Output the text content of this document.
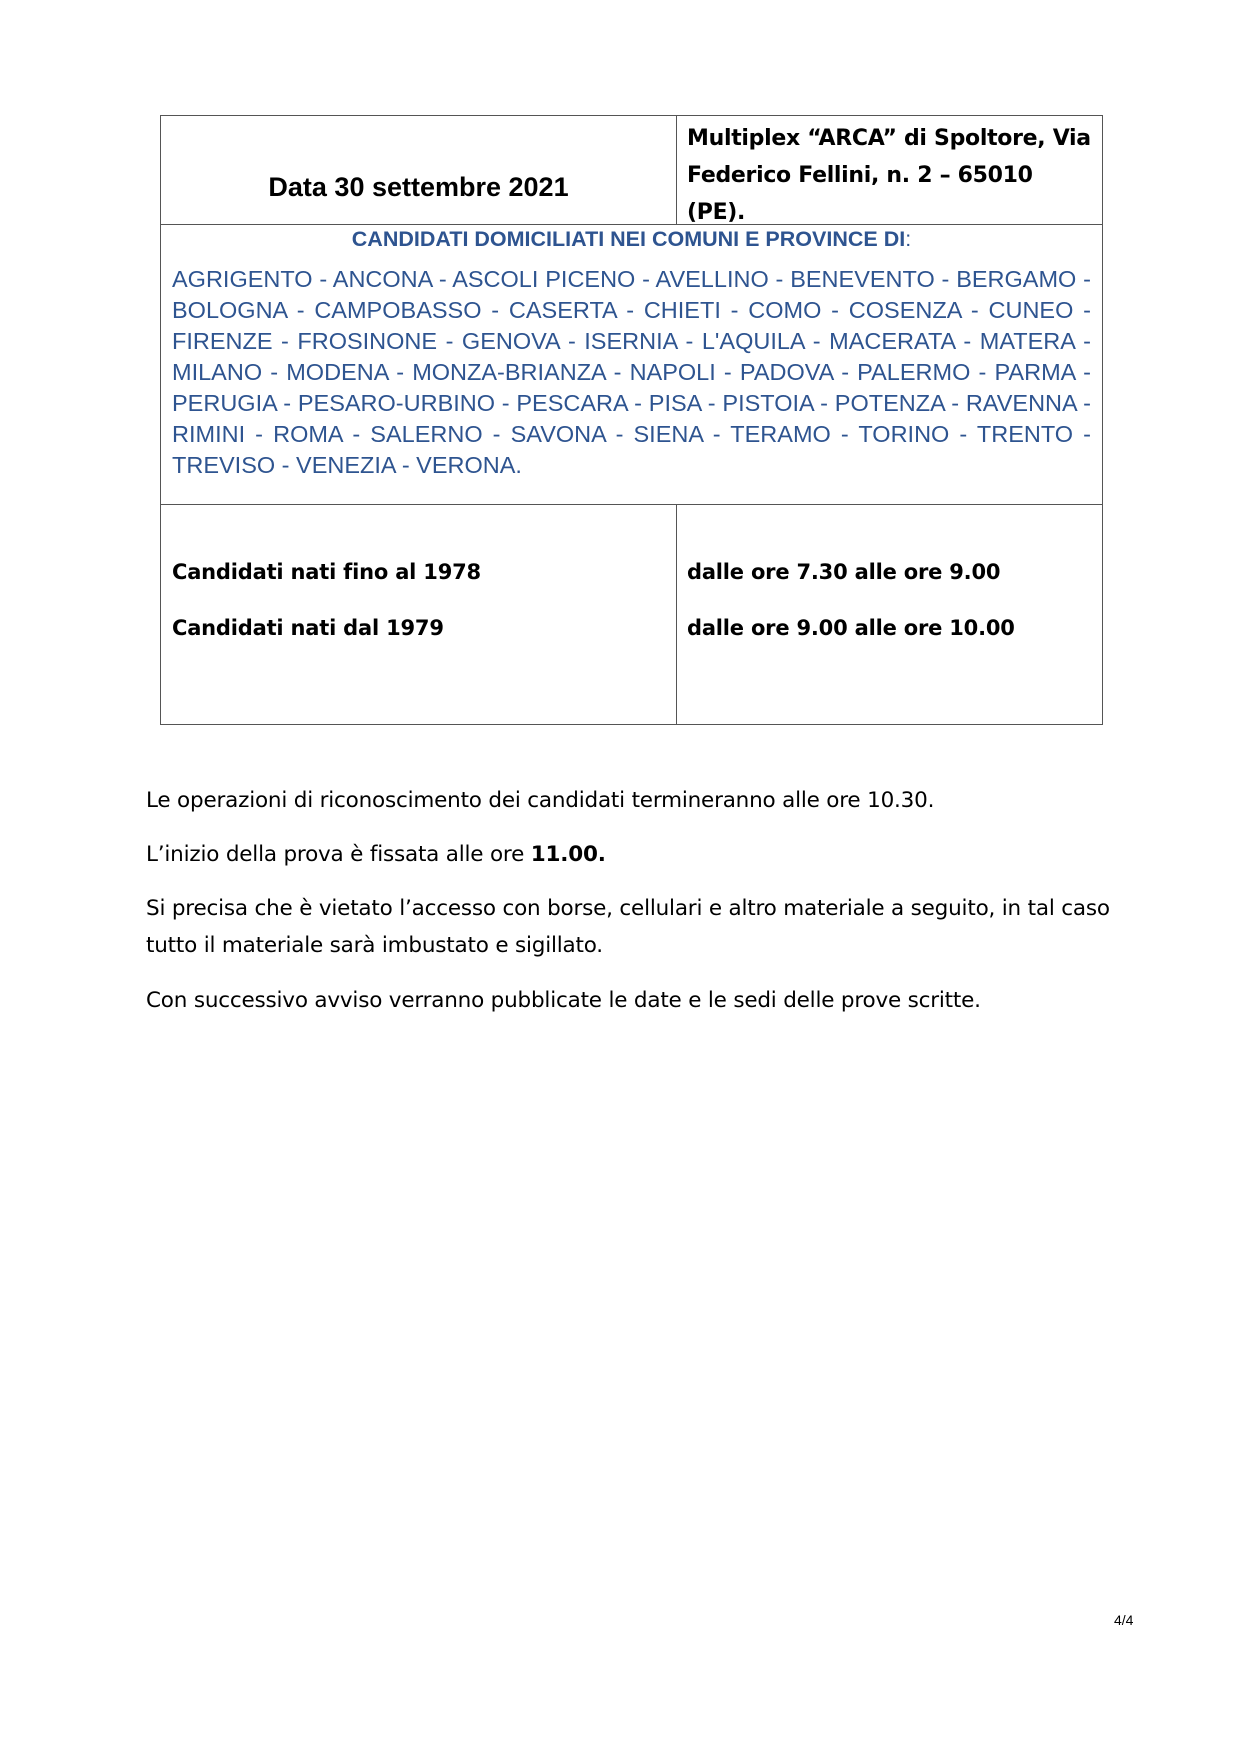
Data 30 settembre 2021
Multiplex “ARCA” di Spoltore, Via
Federico Fellini, n. 2 – 65010 (PE).
CANDIDATI DOMICILIATI NEI COMUNI E PROVINCE DI:
AGRIGENTO - ANCONA - ASCOLI PICENO - AVELLINO - BENEVENTO - BERGAMO - BOLOGNA - CAMPOBASSO - CASERTA - CHIETI - COMO - COSENZA - CUNEO - FIRENZE - FROSINONE - GENOVA - ISERNIA - L'AQUILA - MACERATA - MATERA - MILANO - MODENA - MONZA-BRIANZA - NAPOLI - PADOVA - PALERMO - PARMA - PERUGIA - PESARO-URBINO - PESCARA - PISA - PISTOIA - POTENZA - RAVENNA - RIMINI - ROMA - SALERNO - SAVONA - SIENA - TERAMO - TORINO - TRENTO - TREVISO - VENEZIA - VERONA.
Candidati nati fino al 1978
Candidati nati dal 1979
dalle ore 7.30 alle ore 9.00
dalle ore 9.00 alle ore 10.00
Le operazioni di riconoscimento dei candidati termineranno alle ore 10.30.
L’inizio della prova è fissata alle ore 11.00.
Si precisa che è vietato l’accesso con borse, cellulari e altro materiale a seguito, in tal caso tutto il materiale sarà imbustato e sigillato.
Con successivo avviso verranno pubblicate le date e le sedi delle prove scritte.
4/4
